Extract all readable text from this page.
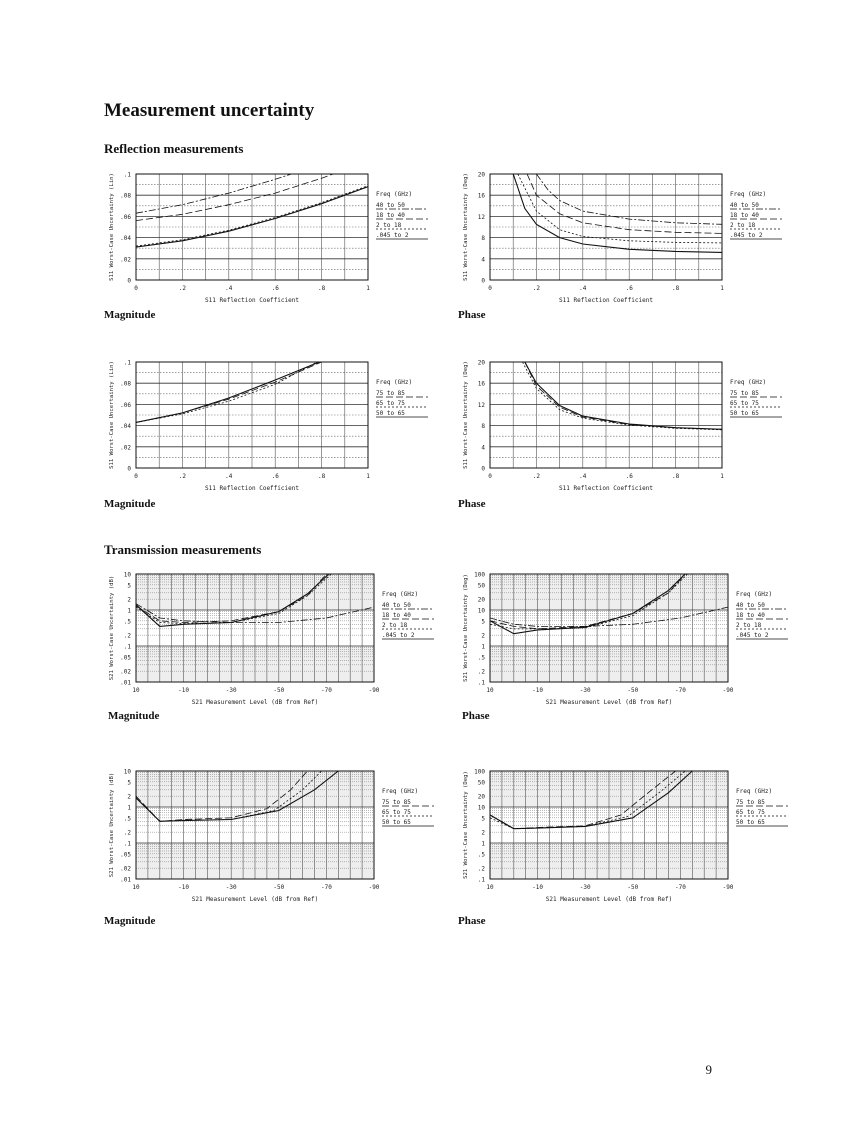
Measurement uncertainty
Reflection measurements
Transmission measurements
0
.02
.04
.06
.08
.1
0	.2	.4	.6	.8	1
S11 Reflection Coefficient
S11 Worst-Case Uncertainty (Lin)	Freq (GHz)
40 to 50
18 to 40
2 to 18
.045 to 2
0
4
8
12
16
20
0	.2	.4	.6	.8	1
S11 Reflection Coefficient
S11 Worst-Case Uncertainty (Deg)	Freq (GHz)
40 to 50
18 to 40
2 to 18
.045 to 2
0
.02
.04
.06
.08
.1
0	.2	.4	.6	.8	1
S11 Reflection Coefficient
S11 Worst-Case Uncertainty (Lin)	Freq (GHz)
75 to 85
65 to 75
50 to 65
0
4
8
12
16
20
0	.2	.4	.6	.8	1
S11 Reflection Coefficient
S11 Worst-Case Uncertainty (Deg)	Freq (GHz)
75 to 85
65 to 75
50 to 65
.01
.02
.05
.1
.2
.5
1
2
5
10
10	-10	-30	-50	-70	-90
S21 Measurement Level (dB from Ref)
S21 Worst-Case Uncertainty (dB)	Freq (GHz)
40 to 50
18 to 40
2 to 18
.045 to 2
.1
.2
.5
1
2
5
10
20
50
100
10	-10	-30	-50	-70	-90
S21 Measurement Level (dB from Ref)
S21 Worst-Case Uncertainty (Deg)	Freq (GHz)
40 to 50
18 to 40
2 to 18
.045 to 2
.01
.02
.05
.1
.2
.5
1
2
5
10
10	-10	-30	-50	-70	-90
S21 Measurement Level (dB from Ref)
S21 Worst-Case Uncertainty (dB)	Freq (GHz)
75 to 85
65 to 75
50 to 65
.1
.2
.5
1
2
5
10
20
50
100
10	-10	-30	-50	-70	-90
S21 Measurement Level (dB from Ref)
S21 Worst-Case Uncertainty (Deg)	Freq (GHz)
75 to 85
65 to 75
50 to 65
Magnitude	Phase
Magnitude	Phase
Magnitude	Phase
Magnitude	Phase
9
